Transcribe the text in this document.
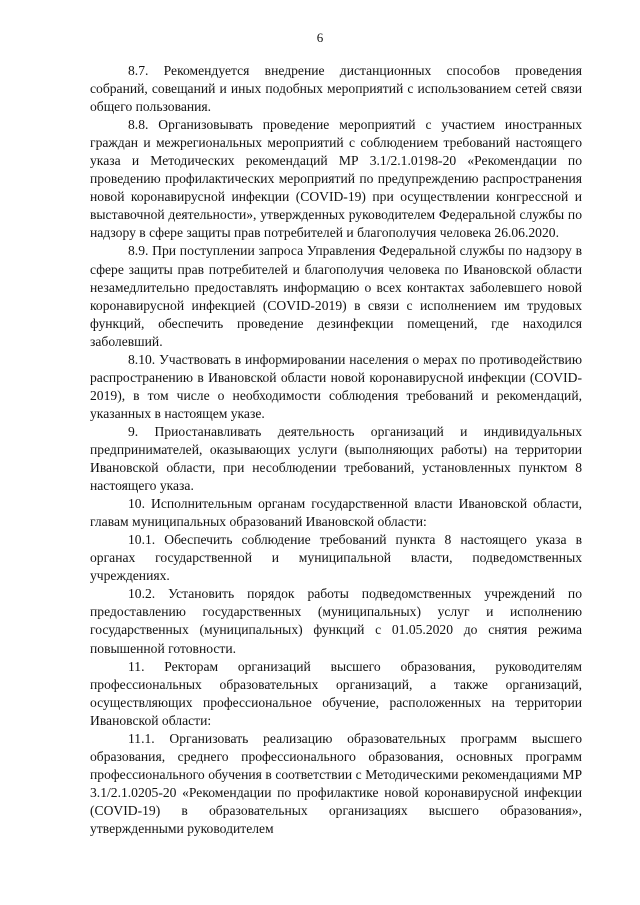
6

8.7. Рекомендуется внедрение дистанционных способов проведения собраний, совещаний и иных подобных мероприятий с использованием сетей связи общего пользования.

8.8. Организовывать проведение мероприятий с участием иностранных граждан и межрегиональных мероприятий с соблюдением требований настоящего указа и Методических рекомендаций МР 3.1/2.1.0198-20 «Рекомендации по проведению профилактических мероприятий по предупреждению распространения новой коронавирусной инфекции (COVID-19) при осуществлении конгрессной и выставочной деятельности», утвержденных руководителем Федеральной службы по надзору в сфере защиты прав потребителей и благополучия человека 26.06.2020.

8.9. При поступлении запроса Управления Федеральной службы по надзору в сфере защиты прав потребителей и благополучия человека по Ивановской области незамедлительно предоставлять информацию о всех контактах заболевшего новой коронавирусной инфекцией (COVID-2019) в связи с исполнением им трудовых функций, обеспечить проведение дезинфекции помещений, где находился заболевший.

8.10. Участвовать в информировании населения о мерах по противодействию распространению в Ивановской области новой коронавирусной инфекции (COVID-2019), в том числе о необходимости соблюдения требований и рекомендаций, указанных в настоящем указе.

9. Приостанавливать деятельность организаций и индивидуальных предпринимателей, оказывающих услуги (выполняющих работы) на территории Ивановской области, при несоблюдении требований, установленных пунктом 8 настоящего указа.

10. Исполнительным органам государственной власти Ивановской области, главам муниципальных образований Ивановской области:

10.1. Обеспечить соблюдение требований пункта 8 настоящего указа в органах государственной и муниципальной власти, подведомственных учреждениях.

10.2. Установить порядок работы подведомственных учреждений по предоставлению государственных (муниципальных) услуг и исполнению государственных (муниципальных) функций с 01.05.2020 до снятия режима повышенной готовности.

11. Ректорам организаций высшего образования, руководителям профессиональных образовательных организаций, а также организаций, осуществляющих профессиональное обучение, расположенных на территории Ивановской области:

11.1. Организовать реализацию образовательных программ высшего образования, среднего профессионального образования, основных программ профессионального обучения в соответствии с Методическими рекомендациями МР 3.1/2.1.0205-20 «Рекомендации по профилактике новой коронавирусной инфекции (COVID-19) в образовательных организациях высшего образования», утвержденными руководителем
